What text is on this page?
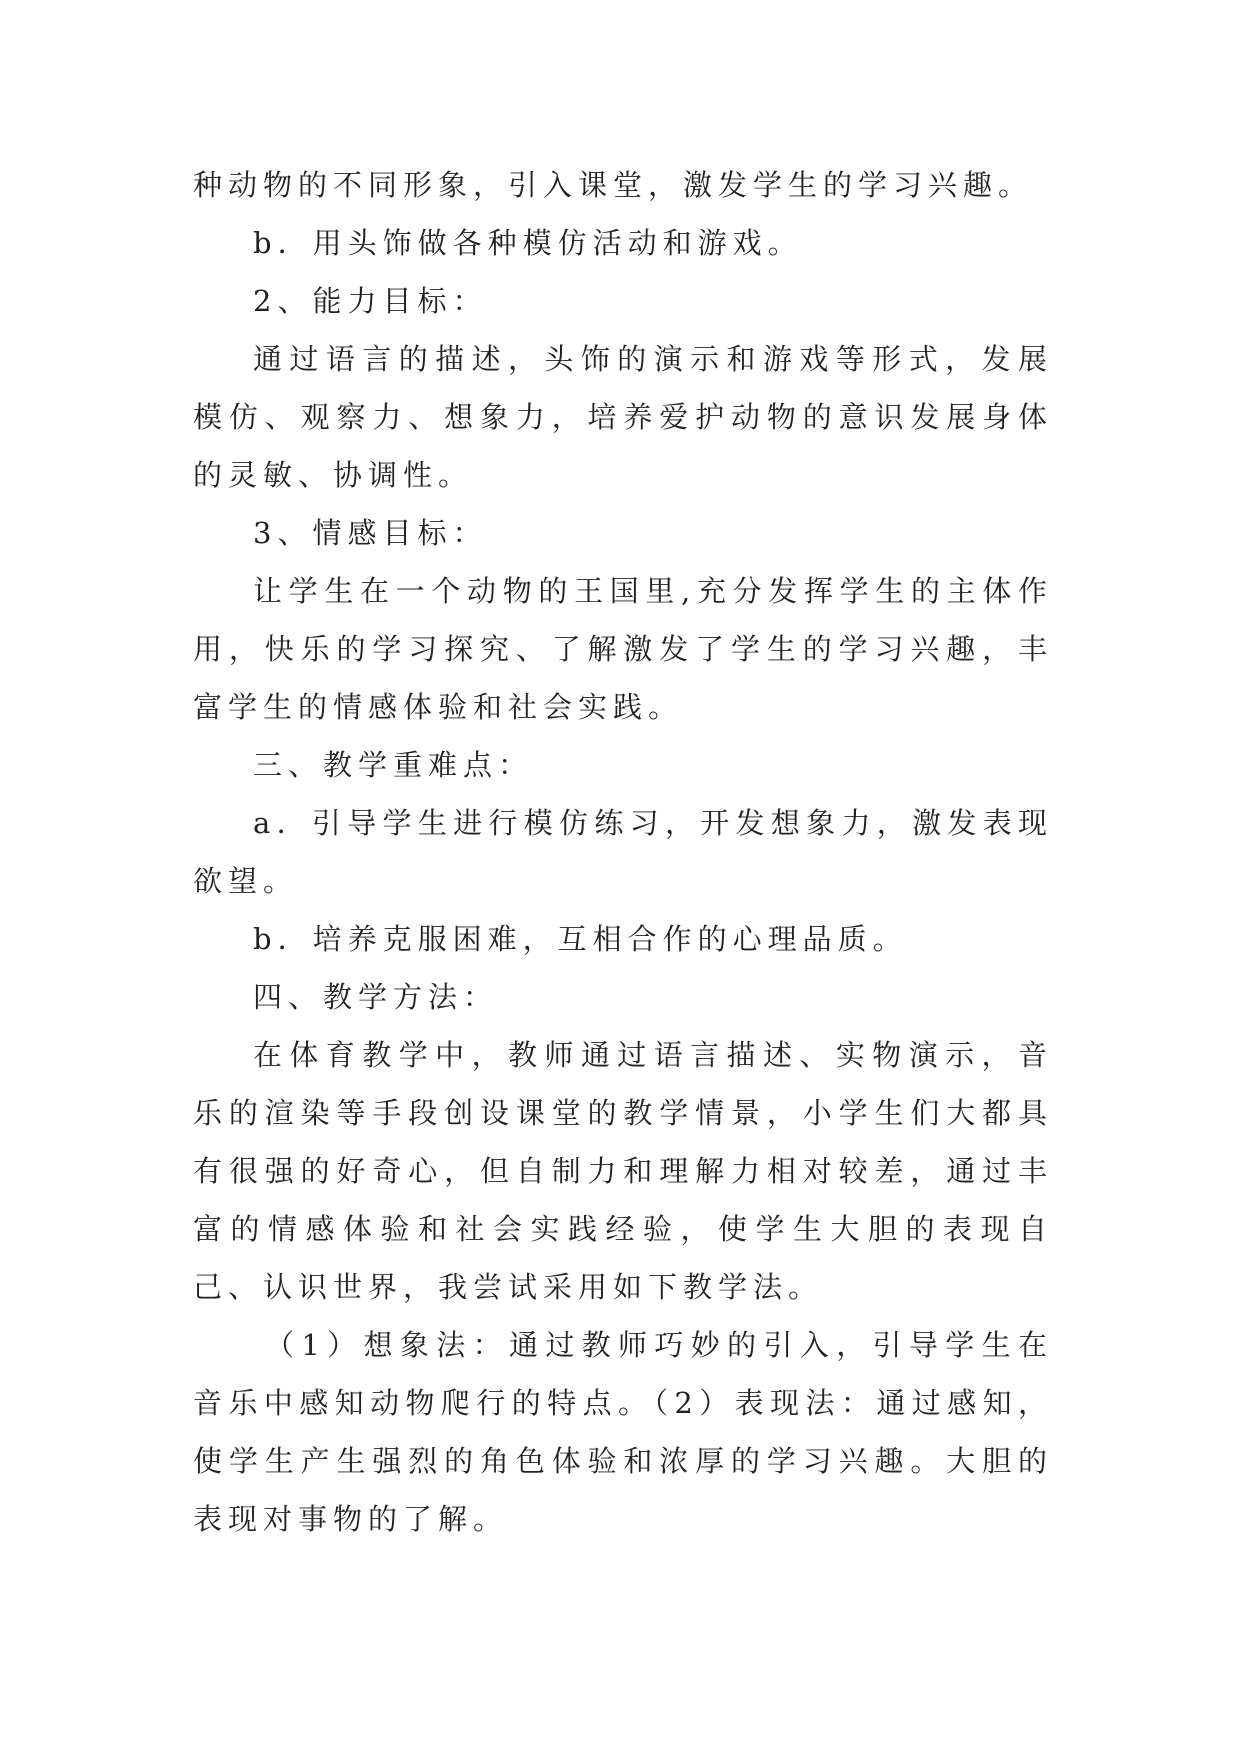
种动物的不同形象，引入课堂，激发学生的学习兴趣。

b．用头饰做各种模仿活动和游戏。

2、能力目标：

通过语言的描述，头饰的演示和游戏等形式，发展模仿、观察力、想象力，培养爱护动物的意识发展身体的灵敏、协调性。

3、情感目标：

让学生在一个动物的王国里,充分发挥学生的主体作用，快乐的学习探究、了解激发了学生的学习兴趣，丰富学生的情感体验和社会实践。

三、教学重难点：

a．引导学生进行模仿练习，开发想象力，激发表现欲望。

b．培养克服困难，互相合作的心理品质。

四、教学方法：

在体育教学中，教师通过语言描述、实物演示，音乐的渲染等手段创设课堂的教学情景，小学生们大都具有很强的好奇心，但自制力和理解力相对较差，通过丰富的情感体验和社会实践经验，使学生大胆的表现自己、认识世界，我尝试采用如下教学法。

（1）想象法：通过教师巧妙的引入，引导学生在音乐中感知动物爬行的特点。（2）表现法：通过感知，使学生产生强烈的角色体验和浓厚的学习兴趣。大胆的表现对事物的了解。
